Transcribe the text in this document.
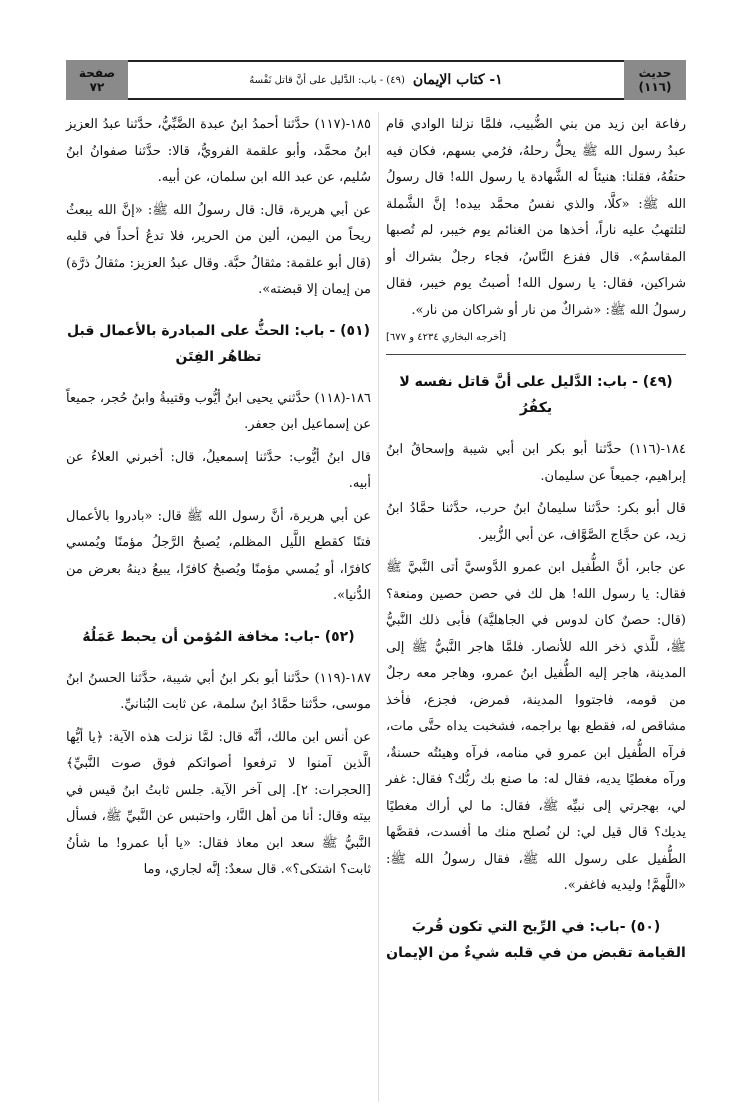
حديث
(١١٦)
١- كتاب الإيمان
(٤٩) - باب: الدَّليل على أنَّ قاتل نَفْسهُ
صفحة
٧٢

رفاعة ابن زيد من بني الضُّبيب، فلمَّا نزلنا الوادي قام عبدُ رسول الله ﷺ يحلُّ رحلهُ، فرُمي بسهم، فكان فيه حتفُهُ، فقلنا: هنيئاً له الشَّهادة يا رسول الله! قال رسولُ الله ﷺ: «كلَّا، والذي نفسُ محمَّد بيده! إنَّ الشَّملة لتلتهبُ عليه ناراً، أخذها من الغنائم يوم خيبر، لم تُصبها المقاسمُ». قال ففزع النَّاسُ، فجاء رجلٌ بشراك أو شراكين، فقال: يا رسول الله! أصبتُ يوم خيبر، فقال رسولُ الله ﷺ: «شراكٌ من نار أو شراكان من نار».

[أخرجه البخاري ٤٢٣٤ و ٦٧٧]
(٤٩) - باب: الدَّليل على أنَّ قاتل نفسه لا يكفُرُ

١٨٤-(١١٦) حدَّثنا أبو بكر ابن أبي شيبة وإسحاقُ ابنُ إبراهيم، جميعاً عن سليمان.

قال أبو بكر: حدَّثنا سليمانُ ابنُ حرب، حدَّثنا حمَّادُ ابنُ زيد، عن حجَّاج الصَّوَّاف، عن أبي الزُّبير.

عن جابر، أنَّ الطُّفيل ابن عمرو الدَّوسيَّ أتى النَّبيَّ ﷺ فقال: يا رسول الله! هل لك في حصن حصين ومنعة؟ (قال: حصنٌ كان لدوس في الجاهليَّة) فأبى ذلك النَّبيُّ ﷺ، للَّذي ذخر الله للأنصار. فلمَّا هاجر النَّبيُّ ﷺ إلى المدينة، هاجر إليه الطُّفيل ابنُ عمرو، وهاجر معه رجلٌ من قومه، فاجتووا المدينة، فمرض، فجزع، فأخذ مشاقص له، فقطع بها براجمه، فشخبت يداه حتَّى مات، فرآه الطُّفيل ابن عمرو في منامه، فرآه وهيئتُه حسنةٌ، ورآه مغطيًا يديه، فقال له: ما صنع بك ربُّك؟ فقال: غفر لي، بهجرتي إلى نبيِّه ﷺ، فقال: ما لي أراك مغطيًا يديك؟ قال قيل لي: لن نُصلح منك ما أفسدت، فقصَّها الطُّفيل على رسول الله ﷺ، فقال رسولُ الله ﷺ: «اللَّهمَّ! وليديه فاغفر».

(٥٠) -باب: في الرِّيح التي تكون قُربَ القيامة تقبض من في قلبه شيءٌ من الإيمان

١٨٥-(١١٧) حدَّثنا أحمدُ ابنُ عبدة الضَّبِّيُّ، حدَّثنا عبدُ العزيز ابنُ محمَّد، وأبو علقمة الفرويُّ، قالا: حدَّثنا صفوانُ ابنُ سُليم، عن عبد الله ابن سلمان، عن أبيه.

عن أبي هريرة، قال: قال رسولُ الله ﷺ: «إنَّ الله يبعثُ ريحاً من اليمن، ألين من الحرير، فلا تدعُ أحداً في قلبه (قال أبو علقمة: مثقالُ حبَّة. وقال عبدُ العزيز: مثقالُ ذرَّة) من إيمان إلا قبضته».

(٥١) - باب: الحثُّ على المبادرة بالأعمال قبل تظاهُر الفِتَن

١٨٦-(١١٨) حدَّثني يحيى ابنُ أيُّوب وقتيبةُ وابنُ حُجر، جميعاً عن إسماعيل ابن جعفر.

قال ابنُ أيُّوب: حدَّثنا إسمعيلُ، قال: أخبرني العلاءُ عن أبيه.

عن أبي هريرة، أنَّ رسول الله ﷺ قال: «بادروا بالأعمال فتنًا كقطع اللَّيل المظلم، يُصبحُ الرَّجلُ مؤمنًا ويُمسي كافرًا، أو يُمسي مؤمنًا ويُصبحُ كافرًا، يبيعُ دينهُ بعرض من الدُّنيا».

(٥٢) -باب: مخافة المُؤمن أن يحبط عَمَلُهُ

١٨٧-(١١٩) حدَّثنا أبو بكر ابنُ أبي شيبة، حدَّثنا الحسنُ ابنُ موسى، حدَّثنا حمَّادُ ابنُ سلمة، عن ثابت البُنانيِّ.

عن أنس ابن مالك، أنَّه قال: لمَّا نزلت هذه الآية: ﴿يا أيُّها الَّذين آمنوا لا ترفعوا أصواتكم فوق صوت النَّبيِّ﴾ [الحجرات: ٢]. إلى آخر الآية. جلس ثابتُ ابنُ قيس في بيته وقال: أنا من أهل النَّار، واحتبس عن النَّبيِّ ﷺ، فسأل النَّبيُّ ﷺ سعد ابن معاذ فقال: «يا أبا عمرو! ما شأنُ ثابت؟ اشتكى؟». قال سعدٌ: إنَّه لجاري، وما
